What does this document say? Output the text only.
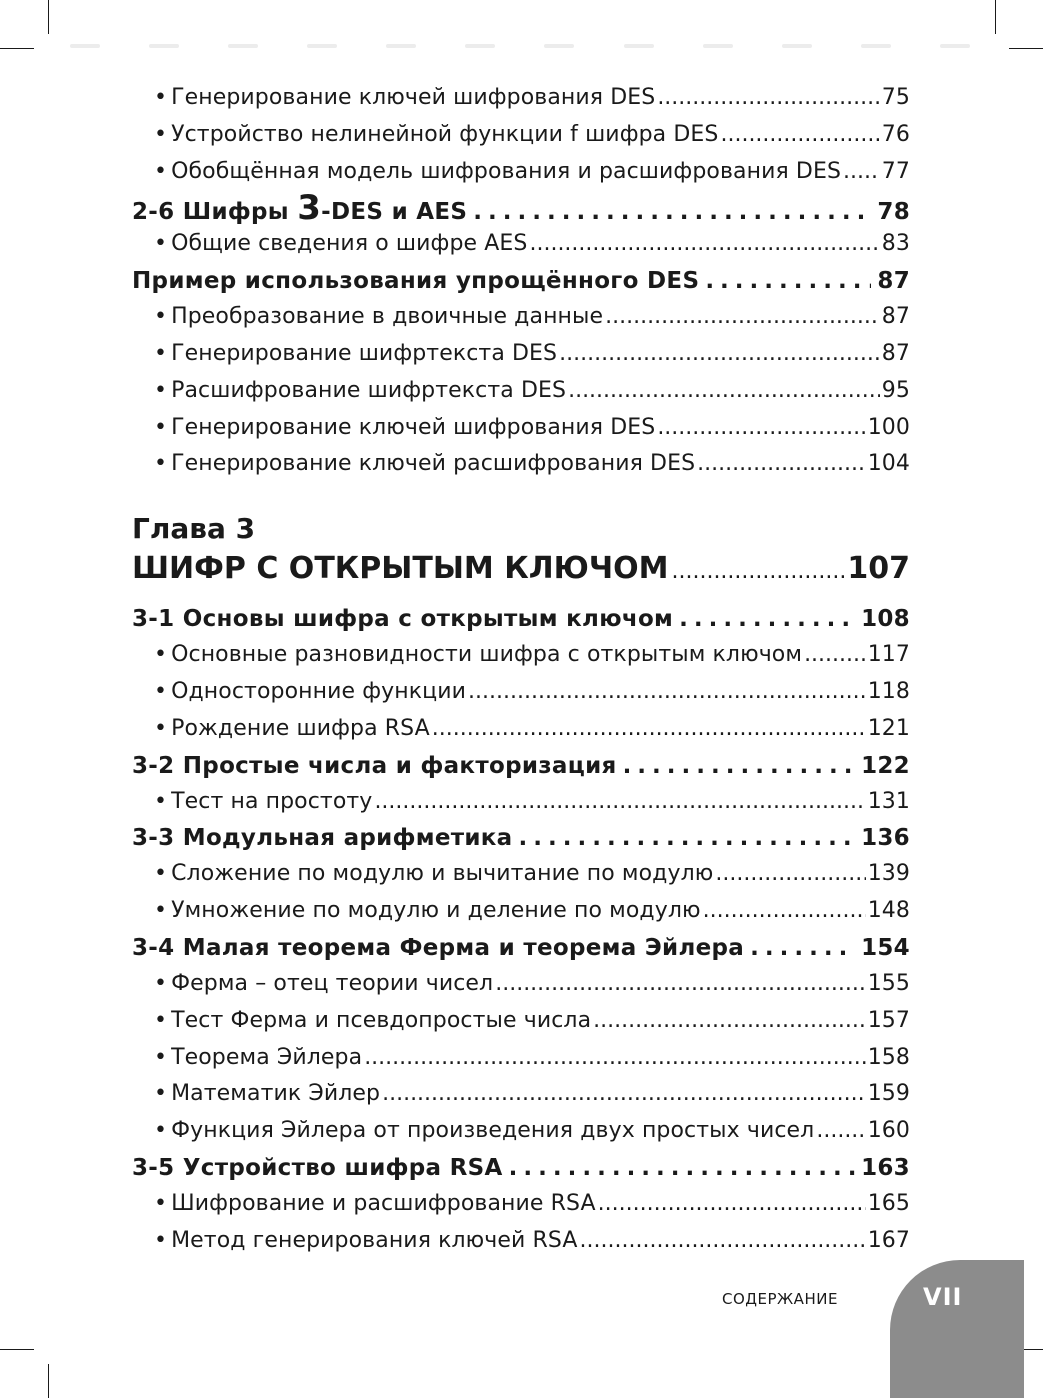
• Генерирование ключей шифрования DES .....	75
• Устройство нелинейной функции f шифра DES .....	76
• Обобщённая модель шифрования и расшифрования DES ..... 77
2-6 Шифры 3-DES и AES . . .	78
• Общие сведения о шифре AES .....	83
Пример использования упрощённого DES . . .	87
• Преобразование в двоичные данные .....	87
• Генерирование шифртекста DES .....	87
• Расшифрование шифртекста DES .....	95
• Генерирование ключей шифрования DES .....	100
• Генерирование ключей расшифрования DES .....	104
Глава 3
ШИФР С ОТКРЫТЫМ КЛЮЧОМ .....	107
3-1 Основы шифра с открытым ключом . . .	108
• Основные разновидности шифра с открытым ключом .....	117
• Односторонние функции .....	118
• Рождение шифра RSA .....	121
3-2 Простые числа и факторизация . . .	122
• Тест на простоту .....	131
3-3 Модульная арифметика . . .	136
• Сложение по модулю и вычитание по модулю .....	139
• Умножение по модулю и деление по модулю .....	148
3-4 Малая теорема Ферма и теорема Эйлера . . .	154
• Ферма – отец теории чисел .....	155
• Тест Ферма и псевдопростые числа .....	157
• Теорема Эйлера .....	158
• Математик Эйлер .....	159
• Функция Эйлера от произведения двух простых чисел ..... 160
3-5 Устройство шифра RSA . . .	163
• Шифрование и расшифрование RSA .....	165
• Метод генерирования ключей RSA .....	167
СОДЕРЖАНИЕ	VII
